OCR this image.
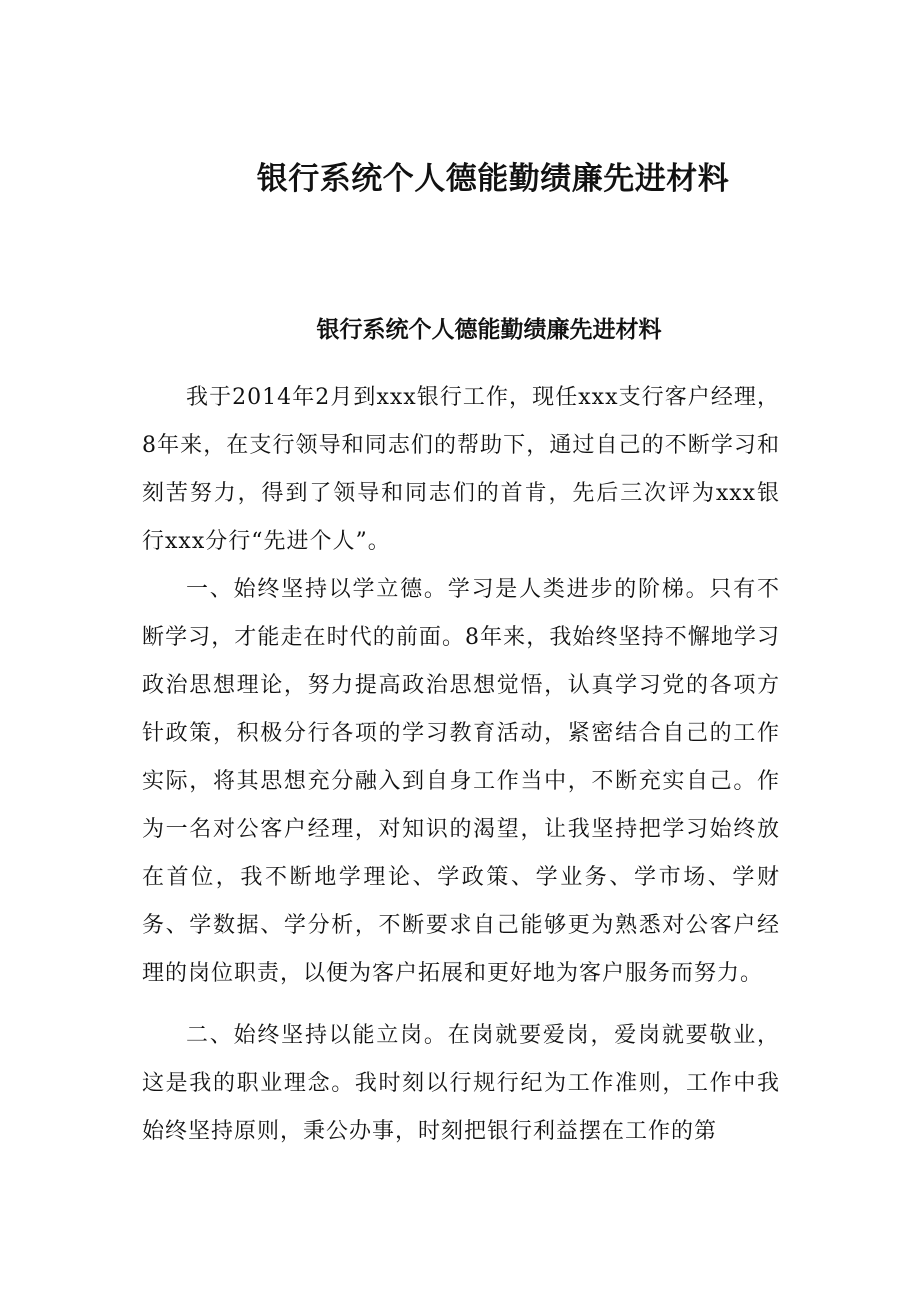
银行系统个人德能勤绩廉先进材料
银行系统个人德能勤绩廉先进材料

我于2014年2月到xxx银行工作，现任xxx支行客户经理，8年来，在支行领导和同志们的帮助下，通过自己的不断学习和刻苦努力，得到了领导和同志们的首肯，先后三次评为xxx银行xxx分行“先进个人”。

一、始终坚持以学立德。学习是人类进步的阶梯。只有不断学习，才能走在时代的前面。8年来，我始终坚持不懈地学习政治思想理论，努力提高政治思想觉悟，认真学习党的各项方针政策，积极分行各项的学习教育活动，紧密结合自己的工作实际，将其思想充分融入到自身工作当中，不断充实自己。作为一名对公客户经理，对知识的渴望，让我坚持把学习始终放在首位，我不断地学理论、学政策、学业务、学市场、学财务、学数据、学分析，不断要求自己能够更为熟悉对公客户经理的岗位职责，以便为客户拓展和更好地为客户服务而努力。

二、始终坚持以能立岗。在岗就要爱岗，爱岗就要敬业，这是我的职业理念。我时刻以行规行纪为工作准则，工作中我始终坚持原则，秉公办事，时刻把银行利益摆在工作的第
